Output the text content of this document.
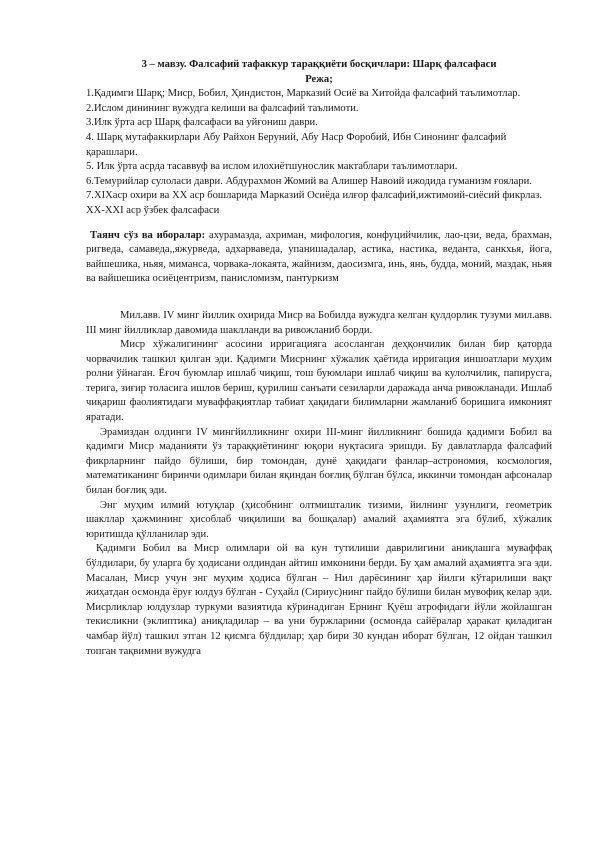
3 – мавзу. Фалсафий тафаккур тараққиёти босқичлари: Шарқ фалсафаси

Режа;

1.Қадимги Шарқ; Миср, Бобил, Ҳиндистон, Марказий Осиё ва Хитойда фалсафий таълимотлар.

2.Ислом динининг вужудга келиши ва фалсафий таълимоти.

3.Илк ўрта аср Шарқ фалсафаси ва уйғониш даври.

4. Шарқ мутафаккирлари Абу Райхон Беруний, Абу Наср Форобий, Ибн Синонинг фалсафий қарашлари.

5. Илк ўрта асрда тасаввуф ва ислом илохиётшунослик мактаблари таълимотлари.

6.Темурийлар сулоласи даври. Абдурахмон Жомий ва Алишер Навоий ижодида гуманизм ғоялари.

7.XIХаср охири ва XX аср бошларида Марказий Осиёда илғор фалсафий,ижтимоий-сиёсий фикрлаз. XX-XXI аср ўзбек фалсафаси

Таянч сўз ва иборалар: ахурамазда, ахриман, мифология, конфуцийчилик, лао-цзи, веда, брахман, ригведа, самаведа,,яжурведа, адхарваведа, упанишадалар, астика, настика, веданта, санкхья, йога, вайшешика, ньяя, миманса, чорвака-локаята, жайнизм, даосизмга, инь, янь, будда, моний, маздак, ньяя ва вайшешика осиёцентризм, панисломизм, пантуркизм

Мил.авв. IV минг йиллик охирида Миср ва Бобилда вужудга келган қулдорлик тузуми мил.авв. III минг йилликлар давомида шаклланди ва ривожланиб борди.

Миср хўжалигининг асосини ирригацияга асосланган деҳқончилик билан бир қаторда чорвачилик ташкил қилган эди. Қадимги Мисрнинг хўжалик ҳаётида ирригация иншоатлари муҳим ролни ўйнаган. Ёғоч буюмлар ишлаб чиқиш, тош буюмлари ишлаб чиқиш ва кулолчилик, папирусга, терига, зиғир толасига ишлов бериш, қурилиш санъати сезиларли даражада анча ривожланади. Ишлаб чиқариш фаолиятидаги муваффақиятлар табиат ҳақидаги билимларни жамланиб боришига имконият яратади.

Эрамиздан олдинги IV мингйилликнинг охири III-минг йилликнинг бошида қадимги Бобил ва қадимги Миср маданияти ўз тараққиётининг юқори нуқтасига эришди. Бу давлатларда фалсафий фикрларнинг пайдо бўлиши, бир томондан, дунё ҳақидаги фанлар–астрономия, космология, математиканинг биринчи одимлари билан яқиндан боғлиқ бўлган бўлса, иккинчи томондан афсоналар билан боғлиқ эди.

Энг муҳим илмий ютуқлар (ҳисобнинг олтмишталик тизими, йилнинг узунлиги, геометрик шакллар ҳажмининг ҳисоблаб чиқилиши ва бошқалар) амалий аҳамиятга эга бўлиб, хўжалик юритишда қўлланилар эди.

Қадимги Бобил ва Миср олимлари ой ва кун тутилиши даврилигини аниқлашга муваффақ бўлдилари, бу уларга бу ҳодисани олдиндан айтиш имконини берди. Бу ҳам амалий аҳамиятга эга эди. Масалан, Миср учун энг муҳим ҳодиса бўлган – Нил дарёсининг ҳар йилги кўтарилиши вақт жиҳатдан осмонда ёруғ юлдуз бўлган - Суҳайл (Сириус)нинг пайдо бўлиши билан мувофиқ келар эди. Мисрликлар юлдузлар туркуми вазиятида кўринадиган Ернинг Қуёш атрофидаги йўли жойлашган текисликни (эклиптика) аниқладилар – ва уни буржларини (осмонда сайёралар ҳаракат қиладиган чамбар йўл) ташкил этган 12 қисмга бўлдилар; ҳар бири 30 кундан иборат бўлган, 12 ойдан ташкил топган тақвимни вужудга
